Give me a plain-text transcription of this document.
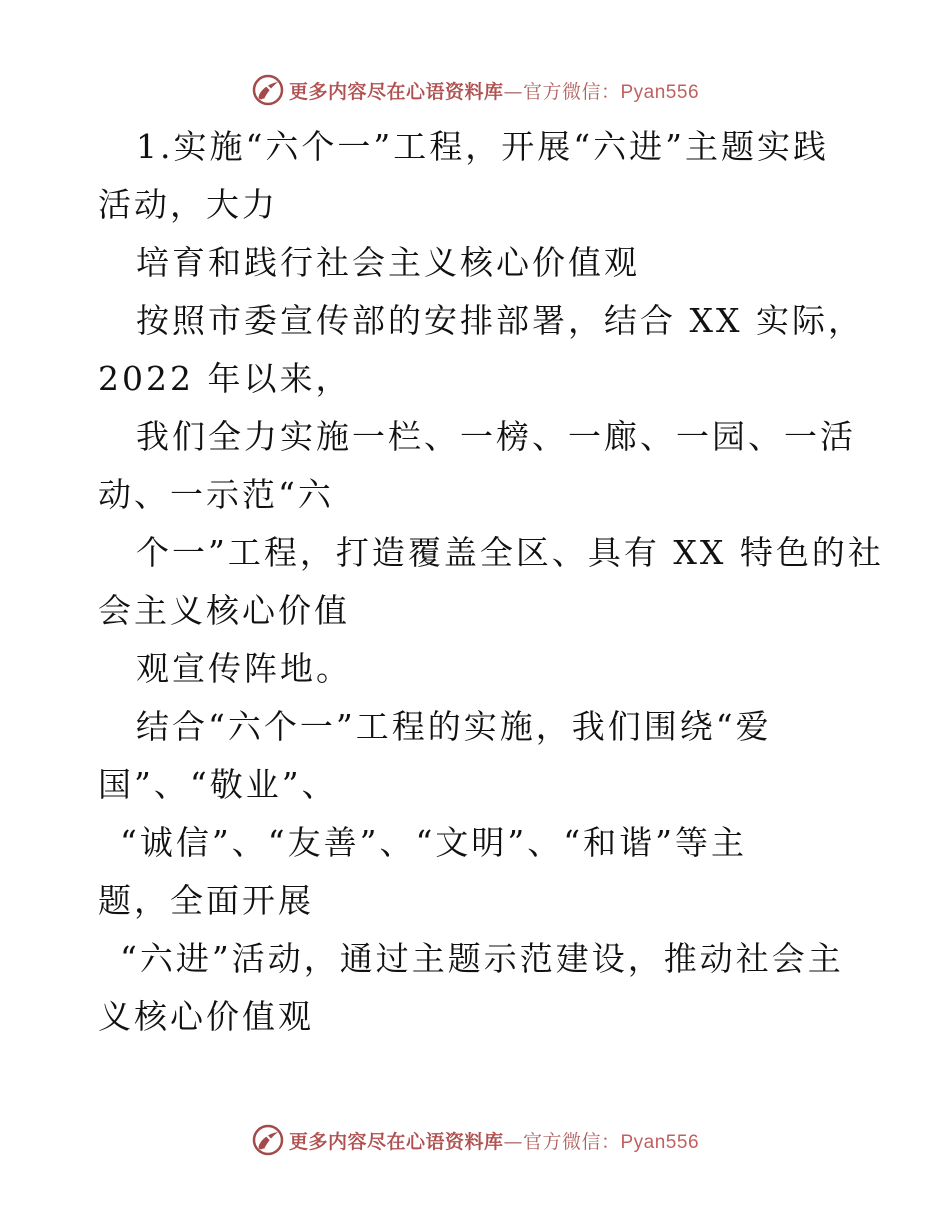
更多内容尽在心语资料库—官方微信：Pyan556
1.实施“六个一”工程，开展“六进”主题实践
活动，大力
培育和践行社会主义核心价值观
按照市委宣传部的安排部署，结合 XX 实际，
2022 年以来，
我们全力实施一栏、一榜、一廊、一园、一活
动、一示范“六
个一”工程，打造覆盖全区、具有 XX 特色的社
会主义核心价值
观宣传阵地。
结合“六个一”工程的实施，我们围绕“爱
国”、“敬业”、
“诚信”、“友善”、“文明”、“和谐”等主
题，全面开展
“六进”活动，通过主题示范建设，推动社会主
义核心价值观
更多内容尽在心语资料库—官方微信：Pyan556
